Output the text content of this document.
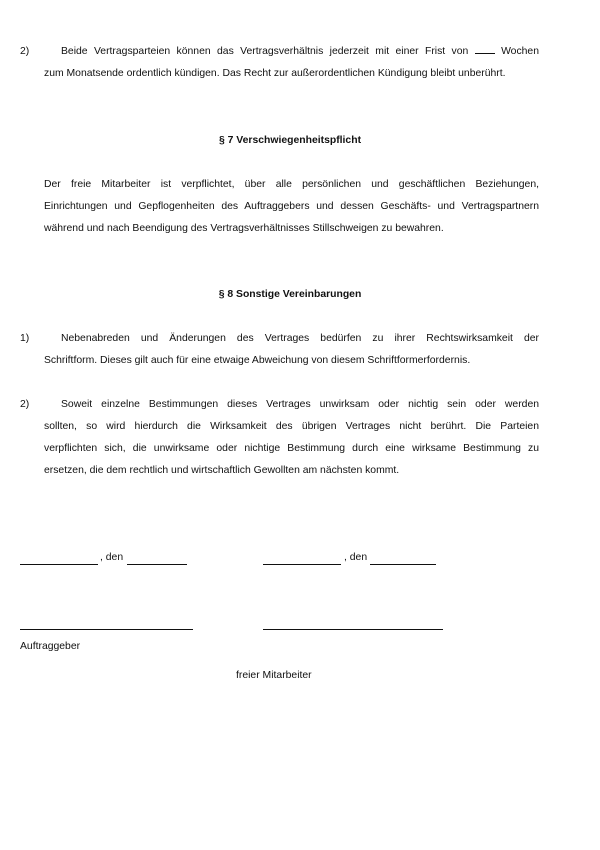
2)	Beide Vertragsparteien können das Vertragsverhältnis jederzeit mit einer Frist von	Wochen
zum Monatsende ordentlich kündigen. Das Recht zur außerordentlichen Kündigung bleibt unberührt.
§ 7 Verschwiegenheitspflicht
Der freie Mitarbeiter ist verpflichtet, über alle persönlichen und geschäftlichen Beziehungen,
Einrichtungen und Gepflogenheiten des Auftraggebers und dessen Geschäfts- und Vertragspartnern
während und nach Beendigung des Vertragsverhältnisses Stillschweigen zu bewahren.
§ 8 Sonstige Vereinbarungen
1)	Nebenabreden und Änderungen des Vertrages bedürfen zu ihrer Rechtswirksamkeit der
Schriftform. Dieses gilt auch für eine etwaige Abweichung von diesem Schriftformerfordernis.
2)	Soweit einzelne Bestimmungen dieses Vertrages unwirksam oder nichtig sein oder werden
sollten, so wird hierdurch die Wirksamkeit des übrigen Vertrages nicht berührt. Die Parteien
verpflichten sich, die unwirksame oder nichtige Bestimmung durch eine wirksame Bestimmung zu
ersetzen, die dem rechtlich und wirtschaftlich Gewollten am nächsten kommt.
, den	, den
Auftraggeber
freier Mitarbeiter
